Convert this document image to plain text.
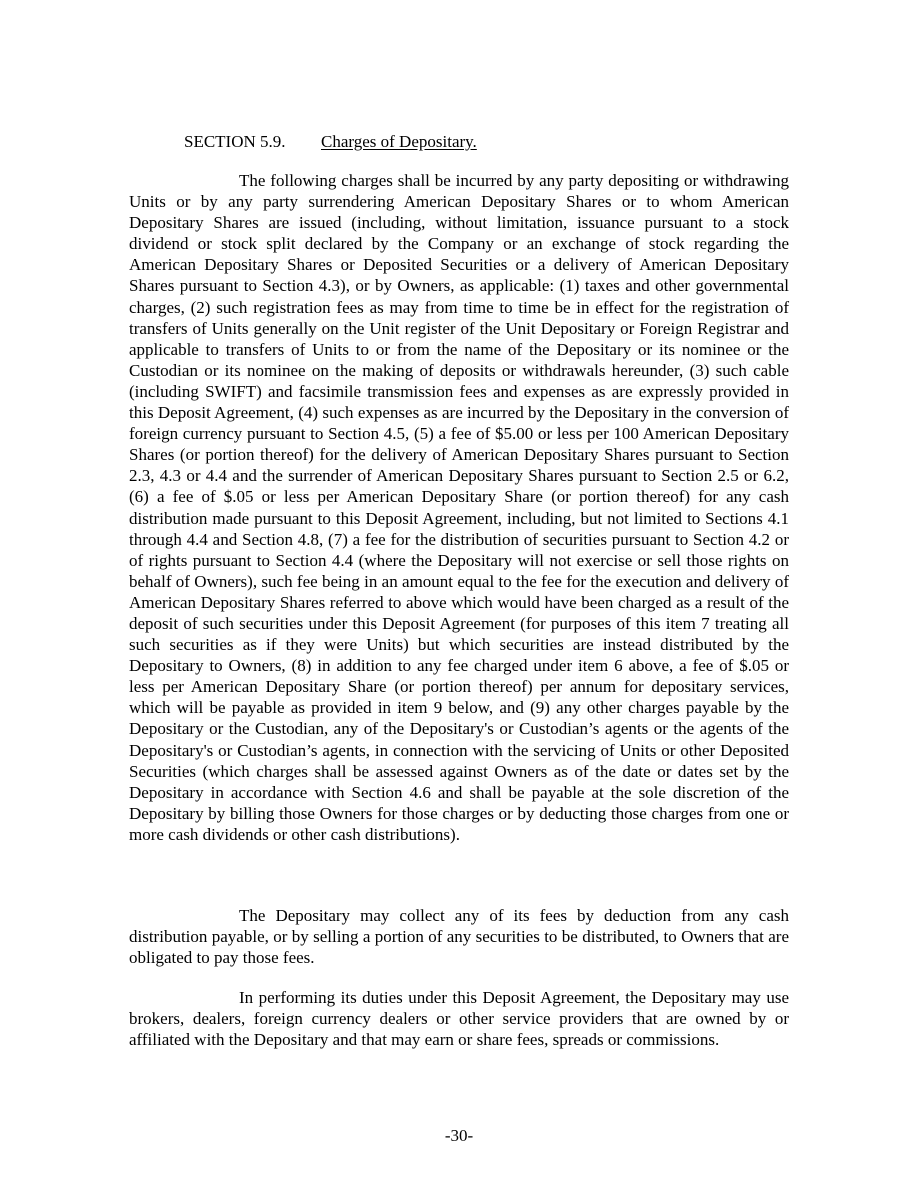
SECTION 5.9. Charges of Depositary.

The following charges shall be incurred by any party depositing or withdrawing Units or by any party surrendering American Depositary Shares or to whom American Depositary Shares are issued (including, without limitation, issuance pursuant to a stock dividend or stock split declared by the Company or an exchange of stock regarding the American Depositary Shares or Deposited Securities or a delivery of American Depositary Shares pursuant to Section 4.3), or by Owners, as applicable: (1) taxes and other governmental charges, (2) such registration fees as may from time to time be in effect for the registration of transfers of Units generally on the Unit register of the Unit Depositary or Foreign Registrar and applicable to transfers of Units to or from the name of the Depositary or its nominee or the Custodian or its nominee on the making of deposits or withdrawals hereunder, (3) such cable (including SWIFT) and facsimile transmission fees and expenses as are expressly provided in this Deposit Agreement, (4) such expenses as are incurred by the Depositary in the conversion of foreign currency pursuant to Section 4.5, (5) a fee of $5.00 or less per 100 American Depositary Shares (or portion thereof) for the delivery of American Depositary Shares pursuant to Section 2.3, 4.3 or 4.4 and the surrender of American Depositary Shares pursuant to Section 2.5 or 6.2, (6) a fee of $.05 or less per American Depositary Share (or portion thereof) for any cash distribution made pursuant to this Deposit Agreement, including, but not limited to Sections 4.1 through 4.4 and Section 4.8, (7) a fee for the distribution of securities pursuant to Section 4.2 or of rights pursuant to Section 4.4 (where the Depositary will not exercise or sell those rights on behalf of Owners), such fee being in an amount equal to the fee for the execution and delivery of American Depositary Shares referred to above which would have been charged as a result of the deposit of such securities under this Deposit Agreement (for purposes of this item 7 treating all such securities as if they were Units) but which securities are instead distributed by the Depositary to Owners, (8) in addition to any fee charged under item 6 above, a fee of $.05 or less per American Depositary Share (or portion thereof) per annum for depositary services, which will be payable as provided in item 9 below, and (9) any other charges payable by the Depositary or the Custodian, any of the Depositary's or Custodian’s agents or the agents of the Depositary's or Custodian’s agents, in connection with the servicing of Units or other Deposited Securities (which charges shall be assessed against Owners as of the date or dates set by the Depositary in accordance with Section 4.6 and shall be payable at the sole discretion of the Depositary by billing those Owners for those charges or by deducting those charges from one or more cash dividends or other cash distributions).

The Depositary may collect any of its fees by deduction from any cash distribution payable, or by selling a portion of any securities to be distributed, to Owners that are obligated to pay those fees.

In performing its duties under this Deposit Agreement, the Depositary may use brokers, dealers, foreign currency dealers or other service providers that are owned by or affiliated with the Depositary and that may earn or share fees, spreads or commissions.

-30-
